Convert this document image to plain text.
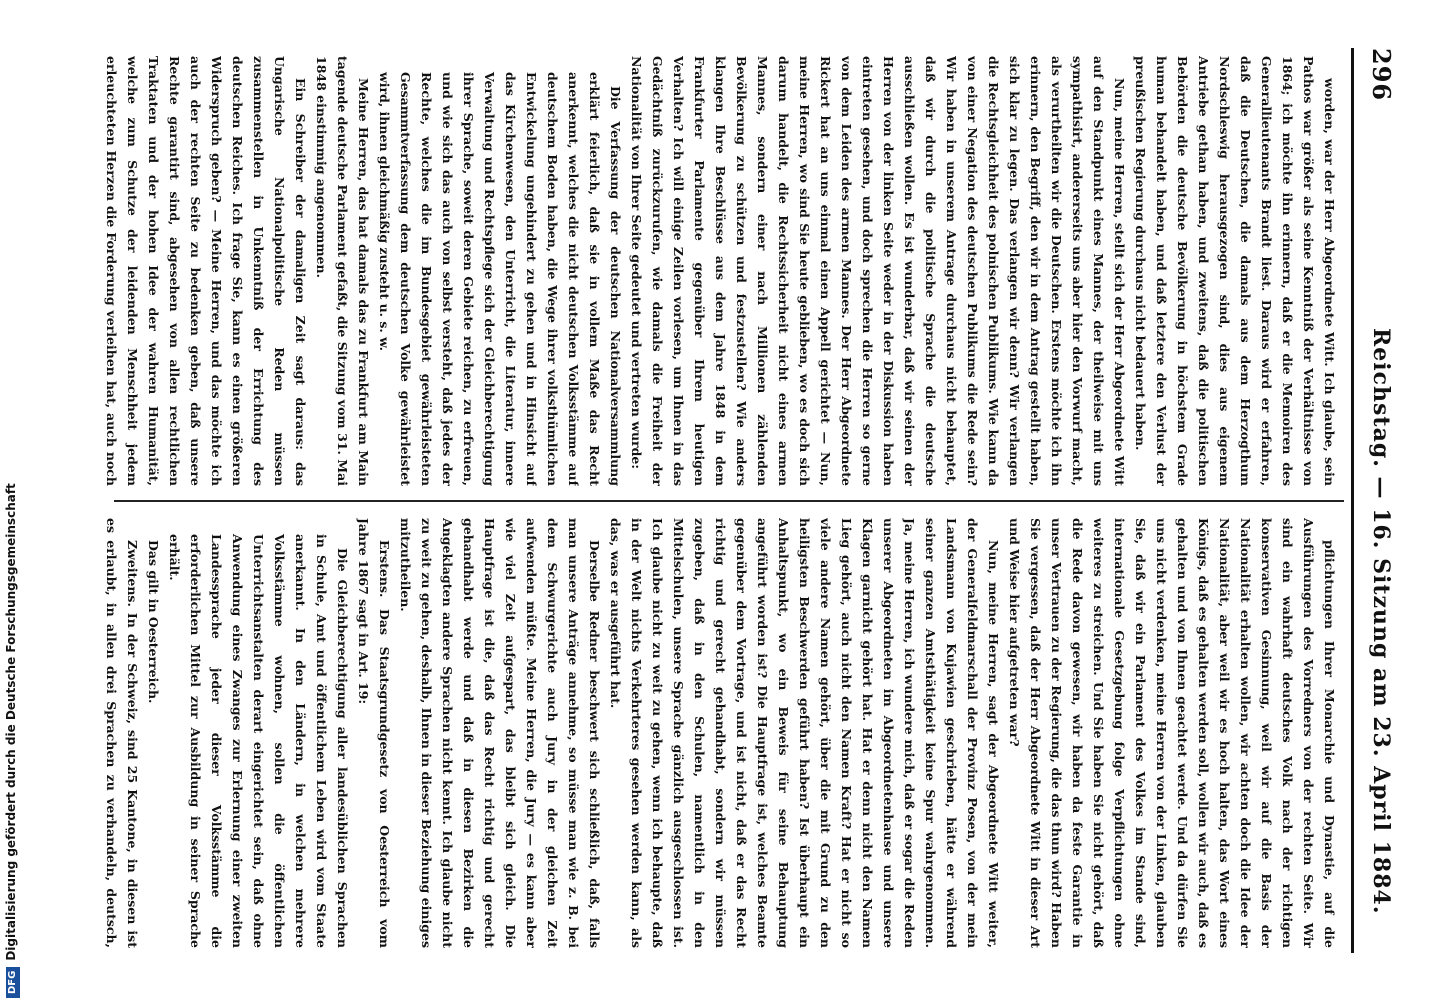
296
Reichstag. — 16. Sitzung am 23. April 1884.

worden, war der Herr Abgeordnete Witt. Ich glaube, sein Pathos war größer als seine Kenntniß der Verhältnisse von 1864; ich möchte ihn erinnern, daß er die Memoiren des Generallieutenants Brandt liest. Daraus wird er erfahren, daß die Deutschen, die damals aus dem Herzogthum Nordschleswig herausgezogen sind, dies aus eigenem Antriebe gethan haben, und zweitens, daß die politischen Behörden die deutsche Bevölkerung in höchstem Grade human behandelt haben, und daß letztere den Verlust der preußischen Regierung durchaus nicht bedauert haben.

Nun, meine Herren, stellt sich der Herr Abgeordnete Witt auf den Standpunkt eines Mannes, der theilweise mit uns sympathisirt, andererseits uns aber hier den Vorwurf macht, als verurtheilten wir die Deutschen. Erstens möchte ich ihn erinnern, den Begriff, den wir in dem Antrag gestellt haben, sich klar zu legen. Das verlangen wir denn? Wir verlangen die Rechtsgleichheit des polnischen Publikums. Wie kann da von einer Negation des deutschen Publikums die Rede sein? Wir haben in unserem Antrage durchaus nicht behauptet, daß wir durch die politische Sprache die deutsche ausschließen wollen. Es ist wunderbar, daß wir seinen der Herren von der linken Seite weder in der Diskussion haben eintreten gesehen, und doch sprechen die Herren so gerne von dem Leiden des armen Mannes. Der Herr Abgeordnete Rickert hat an uns einmal einen Appell gerichtet — Nun, meine Herren, wo sind Sie heute geblieben, wo es doch sich darum handelt, die Rechtssicherheit nicht eines armen Mannes, sondern einer nach Millionen zählenden Bevölkerung zu schützen und festzustellen? Wie anders klangen Ihre Beschlüsse aus dem Jahre 1848 in dem Frankfurter Parlamente gegenüber Ihrem heutigen Verhalten? Ich will einige Zeilen vorlesen, um Ihnen in das Gedächtniß zurückzurufen, wie damals die Freiheit der Nationalität von Ihrer Seite gedeutet und vertreten wurde:

Die Verfassung der deutschen Nationalversammlung erklärt feierlich, daß sie in vollem Maße das Recht anerkennt, welches die nicht deutschen Volksstämme auf deutschem Boden haben, die Wege ihrer volksthümlichen Entwickelung ungehindert zu gehen und in Hinsicht auf das Kirchenwesen, den Unterricht, die Literatur, innere Verwaltung und Rechtspflege sich der Gleichberechtigung ihrer Sprache, soweit deren Gebiete reichen, zu erfreuen, und wie sich das auch von selbst versteht, daß jedes der Rechte, welches die im Bundesgebiet gewährleisteten Gesammtverfassung dem deutschen Volke gewährleistet wird, ihnen gleichmäßig zusteht u. s. w.

Meine Herren, das hat damals das zu Frankfurt am Main tagende deutsche Parlament gefaßt, die Sitzung vom 31. Mai 1848 einstimmig angenommen.

Ein Schreiber der damaligen Zeit sagt daraus: das Ungarische Nationalpolitische Reden müssen zusammenstellen in Unkenntniß der Errichtung des deutschen Reiches. Ich frage Sie, kann es einen größeren Widerspruch geben? — Meine Herren, und das möchte ich auch der rechten Seite zu bedenken geben, daß unsere Rechte garantirt sind, abgesehen von allen rechtlichen Traktaten und der hohen Idee der wahren Humanität, welche zum Schutze der leidenden Menschheit jedem erleuchteten Herzen die Forderung verleihen hat, auch noch

pflichtungen Ihrer Monarchie und Dynastie, auf die Ausführungen des Vorredners von der rechten Seite. Wir sind ein wahrhaft deutsches Volk nach der richtigen konservativen Gesinnung, weil wir auf die Basis der Nationalität erhalten wollen, wir achten doch die Idee der Nationalität, aber weil wir es hoch halten, das Wort eines Königs, daß es gehalten werden soll, wollen wir auch, daß es gehalten und von Ihnen geachtet werde. Und da dürfen Sie uns nicht verdenken, meine Herren von der Linken, glauben Sie, daß wir ein Parlament des Volkes im Stande sind, internationale Gesetzgebung folge Verpflichtungen ohne weiteres zu streichen. Und Sie haben Sie nicht gehört, daß die Rede davon gewesen, wir haben da feste Garantie in unser Vertrauen zu der Regierung, die das thun wird? Haben Sie vergessen, daß der Herr Abgeordnete Witt in dieser Art und Weise hier aufgetreten war?

Nun, meine Herren, sagt der Abgeordnete Witt weiter, der Generalfeldmarschall der Provinz Posen, von der mein Landsmann von Kujawien geschrieben, hätte er während seiner ganzen Amtsthätigkeit keine Spur wahrgenommen. Ja, meine Herren, ich wundere mich, daß er sogar die Reden unserer Abgeordneten im Abgeordnetenhause und unsere Klagen garnicht gehört hat. Hat er denn nicht den Namen Lieg gehört, auch nicht den Namen Kraft? Hat er nicht so viele andere Namen gehört, über die mit Grund zu den heiligsten Beschwerden geführt haben? Ist überhaupt ein Anhaltspunkt, wo ein Beweis für seine Behauptung angeführt worden ist? Die Hauptfrage ist, welches Beamte gegenüber dem Vortrage, und ist nicht, daß er das Recht richtig und gerecht gehandhabt, sondern wir müssen zugeben, daß in den Schulen, namentlich in den Mittelschulen, unsere Sprache gänzlich ausgeschlossen ist. Ich glaube nicht zu weit zu gehen, wenn ich behaupte, daß in der Welt nichts Verkehrteres gesehen werden kann, als das, was er ausgeführt hat.

Derselbe Redner beschwert sich schließlich, daß, falls man unsere Anträge annehme, so müsse man wie z. B. bei dem Schwurgerichte auch Jury in der gleichen Zeit aufwenden müßte. Meine Herren, die Jury — es kann aber wie viel Zeit aufgespart, das bleibt sich gleich. Die Hauptfrage ist die, daß das Recht richtig und gerecht gehandhabt werde und daß in diesen Bezirken die Angeklagten andere Sprachen nicht kennt. Ich glaube nicht zu weit zu gehen, deshalb, Ihnen in dieser Beziehung einiges mitzutheilen.

Erstens. Das Staatsgrundgesetz von Oesterreich vom Jahre 1867 sagt in Art. 19:

Die Gleichberechtigung aller landesüblichen Sprachen in Schule, Amt und öffentlichem Leben wird vom Staate anerkannt. In den Ländern, in welchen mehrere Volksstämme wohnen, sollen die öffentlichen Unterrichtsanstalten derart eingerichtet sein, daß ohne Anwendung eines Zwanges zur Erlernung einer zweiten Landessprache jeder dieser Volksstämme die erforderlichen Mittel zur Ausbildung in seiner Sprache erhält.

Das gilt in Oesterreich.

Zweitens. In der Schweiz, sind 25 Kantone, in diesen ist es erlaubt, in allen drei Sprachen zu verhandeln, deutsch,

DFGDigitalisierung gefördert durch die Deutsche Forschungsgemeinschaft
